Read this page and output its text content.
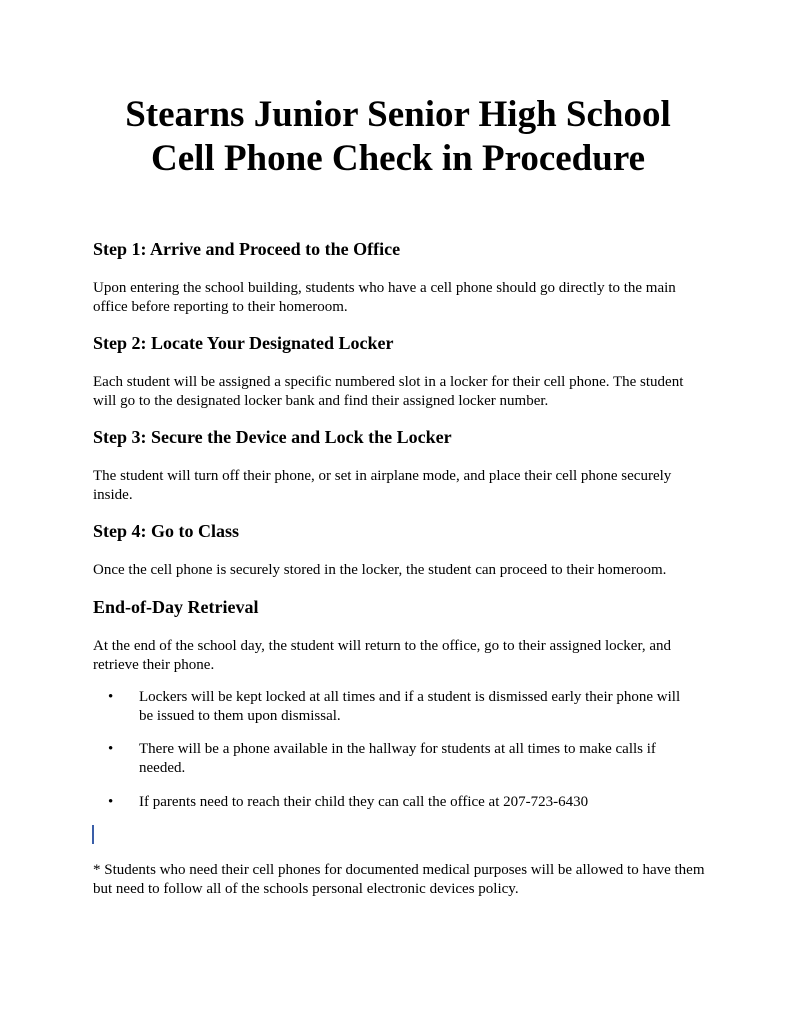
Stearns Junior Senior High School
Cell Phone Check in Procedure
Step 1: Arrive and Proceed to the Office

Upon entering the school building, students who have a cell phone should go directly to the main office before reporting to their homeroom.

Step 2: Locate Your Designated Locker

Each student will be assigned a specific numbered slot in a locker for their cell phone. The student will go to the designated locker bank and find their assigned locker number.

Step 3: Secure the Device and Lock the Locker

The student will turn off their phone, or set in airplane mode, and place their cell phone securely inside.

Step 4: Go to Class

Once the cell phone is securely stored in the locker, the student can proceed to their homeroom.

End-of-Day Retrieval

At the end of the school day, the student will return to the office, go to their assigned locker, and retrieve their phone.

• Lockers will be kept locked at all times and if a student is dismissed early their phone will be issued to them upon dismissal.
• There will be a phone available in the hallway for students at all times to make calls if needed.
• If parents need to reach their child they can call the office at 207-723-6430

* Students who need their cell phones for documented medical purposes will be allowed to have them but need to follow all of the schools personal electronic devices policy.
